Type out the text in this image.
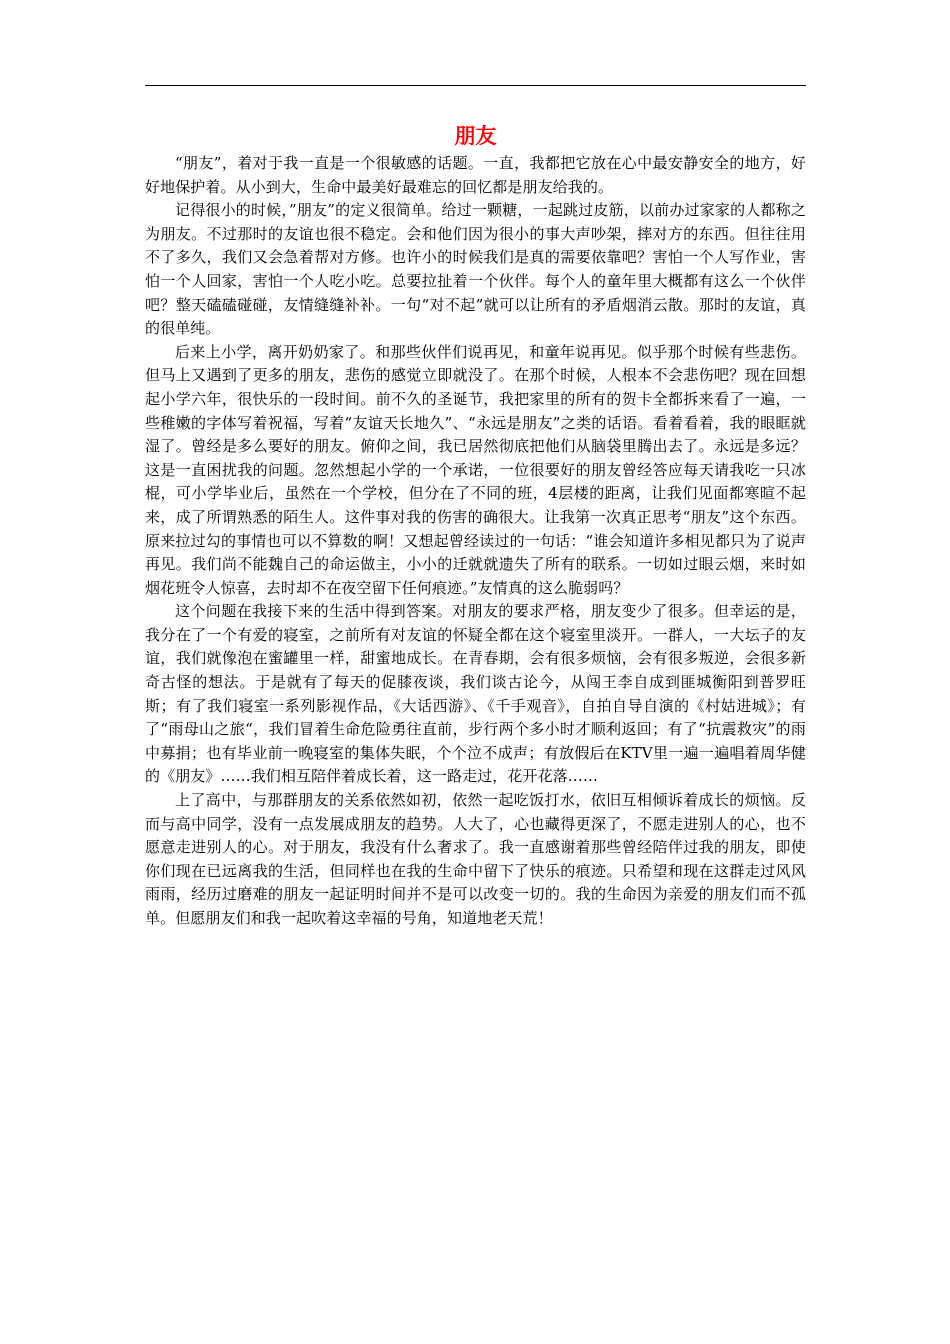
朋友

“朋友”，着对于我一直是一个很敏感的话题。一直，我都把它放在心中最安静安全的地方，好好地保护着。从小到大，生命中最美好最难忘的回忆都是朋友给我的。

记得很小的时候，”朋友”的定义很简单。给过一颗糖，一起跳过皮筋，以前办过家家的人都称之为朋友。不过那时的友谊也很不稳定。会和他们因为很小的事大声吵架，摔对方的东西。但往往用不了多久，我们又会急着帮对方修。也许小的时候我们是真的需要依靠吧？害怕一个人写作业，害怕一个人回家，害怕一个人吃小吃。总要拉扯着一个伙伴。每个人的童年里大概都有这么一个伙伴吧？整天磕磕碰碰，友情缝缝补补。一句“对不起”就可以让所有的矛盾烟消云散。那时的友谊，真的很单纯。

后来上小学，离开奶奶家了。和那些伙伴们说再见，和童年说再见。似乎那个时候有些悲伤。但马上又遇到了更多的朋友，悲伤的感觉立即就没了。在那个时候，人根本不会悲伤吧？现在回想起小学六年，很快乐的一段时间。前不久的圣诞节，我把家里的所有的贺卡全都拆来看了一遍，一些稚嫩的字体写着祝福，写着“友谊天长地久”、“永远是朋友”之类的话语。看着看着，我的眼眶就湿了。曾经是多么要好的朋友。俯仰之间，我已居然彻底把他们从脑袋里腾出去了。永远是多远？这是一直困扰我的问题。忽然想起小学的一个承诺，一位很要好的朋友曾经答应每天请我吃一只冰棍，可小学毕业后，虽然在一个学校，但分在了不同的班，4层楼的距离，让我们见面都寒暄不起来，成了所谓熟悉的陌生人。这件事对我的伤害的确很大。让我第一次真正思考“朋友”这个东西。原来拉过勾的事情也可以不算数的啊！又想起曾经读过的一句话：“谁会知道许多相见都只为了说声再见。我们尚不能魏自己的命运做主，小小的迁就就遗失了所有的联系。一切如过眼云烟，来时如烟花班令人惊喜，去时却不在夜空留下任何痕迹。”友情真的这么脆弱吗？

这个问题在我接下来的生活中得到答案。对朋友的要求严格，朋友变少了很多。但幸运的是，我分在了一个有爱的寝室，之前所有对友谊的怀疑全都在这个寝室里淡开。一群人，一大坛子的友谊，我们就像泡在蜜罐里一样，甜蜜地成长。在青春期，会有很多烦恼，会有很多叛逆，会很多新奇古怪的想法。于是就有了每天的促膝夜谈，我们谈古论今，从闯王李自成到匪城衡阳到普罗旺斯；有了我们寝室一系列影视作品，《大话西游》、《千手观音》，自拍自导自演的《村姑进城》；有了“雨母山之旅“，我们冒着生命危险勇往直前，步行两个多小时才顺利返回；有了“抗震救灾”的雨中募捐；也有毕业前一晚寝室的集体失眠，个个泣不成声；有放假后在KTV里一遍一遍唱着周华健的《朋友》……我们相互陪伴着成长着，这一路走过，花开花落……

上了高中，与那群朋友的关系依然如初，依然一起吃饭打水，依旧互相倾诉着成长的烦恼。反而与高中同学，没有一点发展成朋友的趋势。人大了，心也藏得更深了，不愿走进别人的心，也不愿意走进别人的心。对于朋友，我没有什么奢求了。我一直感谢着那些曾经陪伴过我的朋友，即使你们现在已远离我的生活，但同样也在我的生命中留下了快乐的痕迹。只希望和现在这群走过风风雨雨，经历过磨难的朋友一起证明时间并不是可以改变一切的。我的生命因为亲爱的朋友们而不孤单。但愿朋友们和我一起吹着这幸福的号角，知道地老天荒！
